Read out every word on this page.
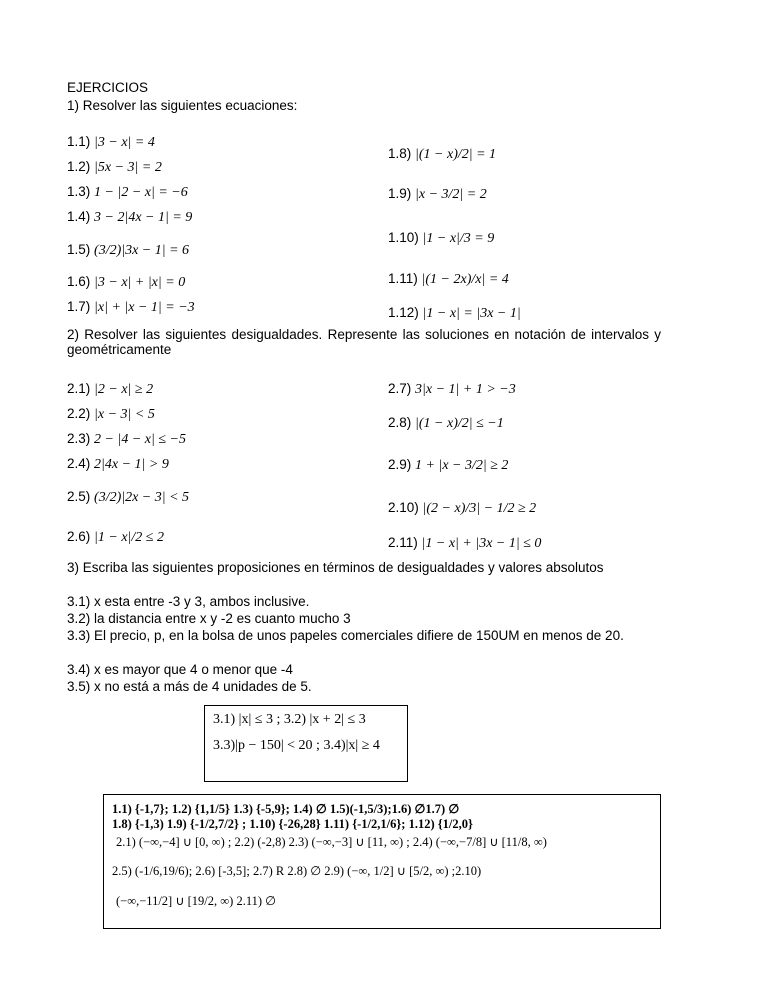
EJERCICIOS
1) Resolver las siguientes ecuaciones:
1.1) |3 − x| = 4
1.2) |5x − 3| = 2
1.3) 1 − |2 − x| = −6
1.4) 3 − 2|4x − 1| = 9
1.5) (3/2)|3x − 1| = 6
1.6) |3 − x| + |x| = 0
1.7) |x| + |x − 1| = −3
1.8) |(1 − x)/2| = 1
1.9) |x − 3/2| = 2
1.10) |1 − x|/3 = 9
1.11) |(1 − 2x)/x| = 4
1.12) |1 − x| = |3x − 1|
2) Resolver las siguientes desigualdades. Represente las soluciones en notación de intervalos y geométricamente
2.1) |2 − x| ≥ 2
2.2) |x − 3| < 5
2.3) 2 − |4 − x| ≤ −5
2.4) 2|4x − 1| > 9
2.5) (3/2)|2x − 3| < 5
2.6) |1 − x|/2 ≤ 2
2.7) 3|x − 1| + 1 > −3
2.8) |(1 − x)/2| ≤ −1
2.9) 1 + |x − 3/2| ≥ 2
2.10) |(2 − x)/3| − 1/2 ≥ 2
2.11) |1 − x| + |3x − 1| ≤ 0
3) Escriba las siguientes proposiciones en términos de desigualdades y valores absolutos
3.1) x esta entre -3 y 3, ambos inclusive.
3.2) la distancia entre x y -2 es cuanto mucho 3
3.3) El precio, p, en la bolsa de unos papeles comerciales difiere de 150UM en menos de 20.
3.4) x es mayor que 4 o menor que -4
3.5) x no está a más de 4 unidades de 5.
3.1) |x| ≤ 3 ; 3.2) |x + 2| ≤ 3
3.3)|p − 150| < 20 ; 3.4)|x| ≥ 4
1.1) {-1,7}; 1.2) {1,1/5} 1.3) {-5,9}; 1.4) ∅ 1.5)(-1,5/3);1.6) ∅1.7) ∅
1.8) {-1,3) 1.9) {-1/2,7/2} ; 1.10) {-26,28} 1.11) {-1/2,1/6}; 1.12) {1/2,0}
2.1) (−∞,−4] ∪ [0, ∞) ; 2.2) (-2,8) 2.3) (−∞,−3] ∪ [11, ∞) ; 2.4) (−∞,−7/8] ∪ [11/8, ∞)
2.5) (-1/6,19/6); 2.6) [-3,5]; 2.7) R 2.8) ∅ 2.9) (−∞, 1/2] ∪ [5/2, ∞) ;2.10)
(−∞,−11/2] ∪ [19/2, ∞) 2.11) ∅
